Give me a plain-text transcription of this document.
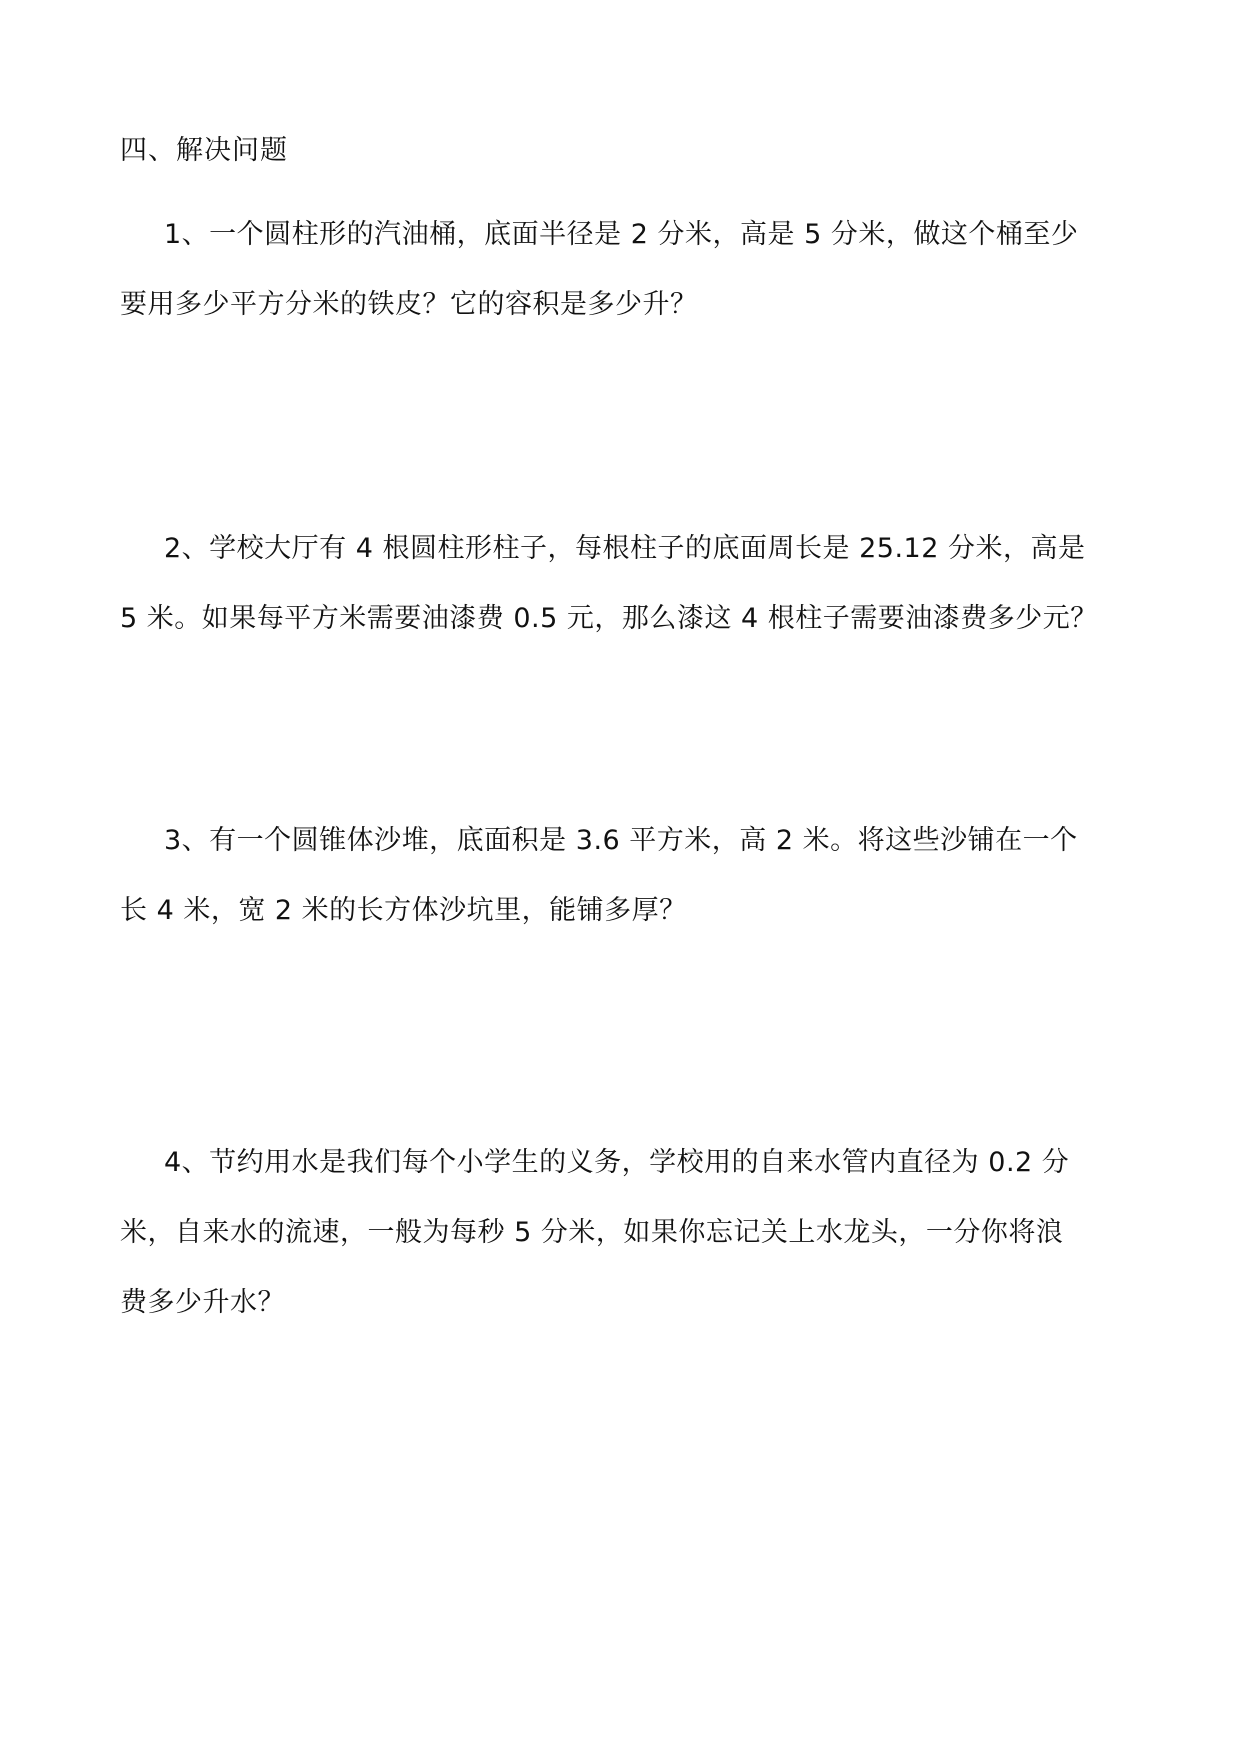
四、解决问题
1、一个圆柱形的汽油桶，底面半径是 2 分米，高是 5 分米，做这个桶至少
要用多少平方分米的铁皮？它的容积是多少升？
2、学校大厅有 4 根圆柱形柱子，每根柱子的底面周长是 25.12 分米，高是
5 米。如果每平方米需要油漆费 0.5 元，那么漆这 4 根柱子需要油漆费多少元？
3、有一个圆锥体沙堆，底面积是 3.6 平方米，高 2 米。将这些沙铺在一个
长 4 米，宽 2 米的长方体沙坑里，能铺多厚？
4、节约用水是我们每个小学生的义务，学校用的自来水管内直径为 0.2 分
米，自来水的流速，一般为每秒 5 分米，如果你忘记关上水龙头，一分你将浪
费多少升水？
